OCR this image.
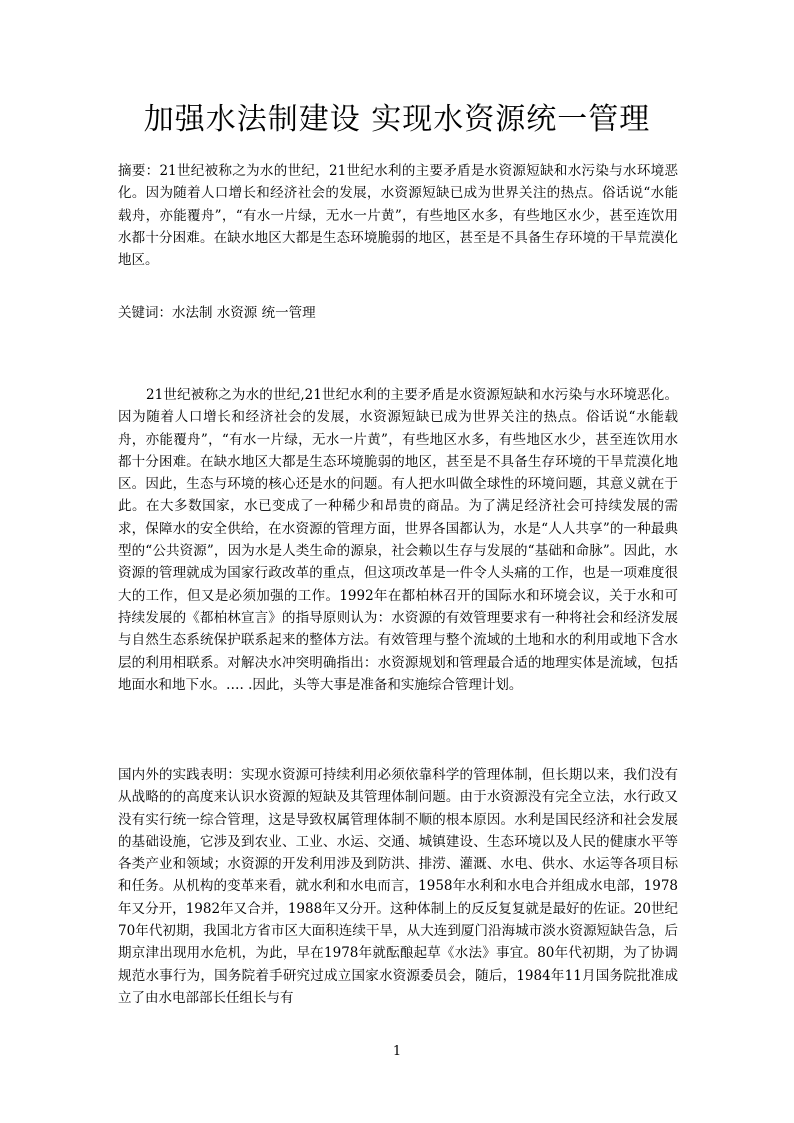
加强水法制建设 实现水资源统一管理

摘要：21世纪被称之为水的世纪，21世纪水利的主要矛盾是水资源短缺和水污染与水环境恶化。因为随着人口增长和经济社会的发展，水资源短缺已成为世界关注的热点。俗话说“水能载舟，亦能覆舟”，“有水一片绿，无水一片黄”，有些地区水多，有些地区水少，甚至连饮用水都十分困难。在缺水地区大都是生态环境脆弱的地区，甚至是不具备生存环境的干旱荒漠化地区。

关键词：水法制 水资源 统一管理

21世纪被称之为水的世纪,21世纪水利的主要矛盾是水资源短缺和水污染与水环境恶化。因为随着人口增长和经济社会的发展，水资源短缺已成为世界关注的热点。俗话说“水能载舟，亦能覆舟”，“有水一片绿，无水一片黄”，有些地区水多，有些地区水少，甚至连饮用水都十分困难。在缺水地区大都是生态环境脆弱的地区，甚至是不具备生存环境的干旱荒漠化地区。因此，生态与环境的核心还是水的问题。有人把水叫做全球性的环境问题，其意义就在于此。在大多数国家，水已变成了一种稀少和昂贵的商品。为了满足经济社会可持续发展的需求，保障水的安全供给，在水资源的管理方面，世界各国都认为，水是“人人共享”的一种最典型的“公共资源”，因为水是人类生命的源泉，社会赖以生存与发展的“基础和命脉”。因此，水资源的管理就成为国家行政改革的重点，但这项改革是一件令人头痛的工作，也是一项难度很大的工作，但又是必须加强的工作。1992年在都柏林召开的国际水和环境会议，关于水和可持续发展的《都柏林宣言》的指导原则认为：水资源的有效管理要求有一种将社会和经济发展与自然生态系统保护联系起来的整体方法。有效管理与整个流域的土地和水的利用或地下含水层的利用相联系。对解决水冲突明确指出：水资源规划和管理最合适的地理实体是流域，包括地面水和地下水。…. .因此，头等大事是准备和实施综合管理计划。

国内外的实践表明：实现水资源可持续利用必须依靠科学的管理体制，但长期以来，我们没有从战略的的高度来认识水资源的短缺及其管理体制问题。由于水资源没有完全立法，水行政又没有实行统一综合管理，这是导致权属管理体制不顺的根本原因。水利是国民经济和社会发展的基础设施，它涉及到农业、工业、水运、交通、城镇建设、生态环境以及人民的健康水平等各类产业和领域；水资源的开发利用涉及到防洪、排涝、灌溉、水电、供水、水运等各项目标和任务。从机构的变革来看，就水利和水电而言，1958年水利和水电合并组成水电部，1978年又分开，1982年又合并，1988年又分开。这种体制上的反反复复就是最好的佐证。20世纪70年代初期，我国北方省市区大面积连续干旱，从大连到厦门沿海城市淡水资源短缺告急，后期京津出现用水危机，为此，早在1978年就酝酿起草《水法》事宜。80年代初期，为了协调规范水事行为，国务院着手研究过成立国家水资源委员会，随后，1984年11月国务院批准成立了由水电部部长任组长与有

1
